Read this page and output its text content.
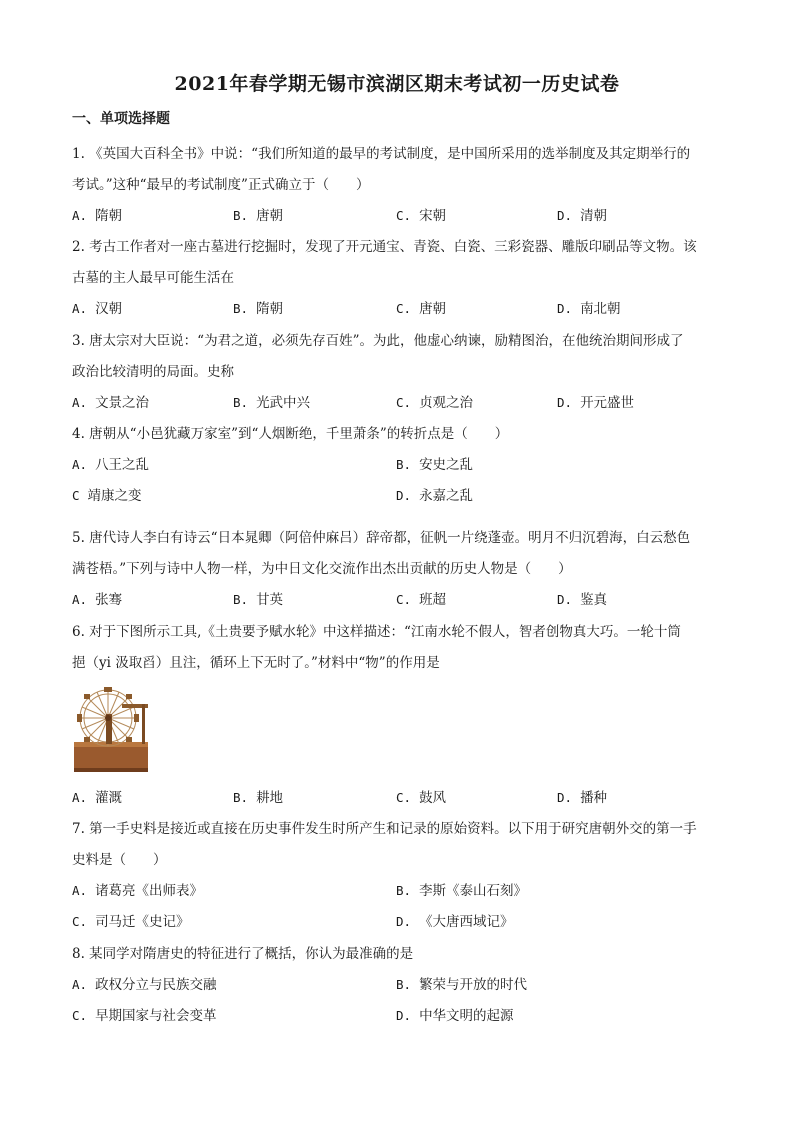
2021年春学期无锡市滨湖区期末考试初一历史试卷
一、单项选择题
1. 《英国大百科全书》中说：“我们所知道的最早的考试制度，是中国所采用的选举制度及其定期举行的
考试。”这种“最早的考试制度”正式确立于（　　）
A. 隋朝	B. 唐朝	C. 宋朝	D. 清朝
2. 考古工作者对一座古墓进行挖掘时，发现了开元通宝、青瓷、白瓷、三彩瓷器、雕版印刷品等文物。该
古墓的主人最早可能生活在
A. 汉朝	B. 隋朝	C. 唐朝	D. 南北朝
3. 唐太宗对大臣说：“为君之道，必须先存百姓”。为此，他虚心纳谏，励精图治，在他统治期间形成了
政治比较清明的局面。史称
A. 文景之治	B. 光武中兴	C. 贞观之治	D. 开元盛世
4. 唐朝从“小邑犹藏万家室”到“人烟断绝，千里萧条”的转折点是（　　）
A. 八王之乱	B. 安史之乱
C 靖康之变	D. 永嘉之乱
5. 唐代诗人李白有诗云“日本晁卿（阿倍仲麻吕）辞帝都，征帆一片绕蓬壶。明月不归沉碧海，白云愁色
满苍梧。”下列与诗中人物一样，为中日文化交流作出杰出贡献的历史人物是（　　）
A. 张骞	B. 甘英	C. 班超	D. 鉴真
6. 对于下图所示工具,《土贵要予赋水轮》中这样描述：“江南水轮不假人，智者创物真大巧。一轮十筒
挹（yi 汲取舀）且注，循环上下无时了。”材料中“物”的作用是
A. 灌溉	B. 耕地	C. 鼓风	D. 播种
7. 第一手史料是接近或直接在历史事件发生时所产生和记录的原始资料。以下用于研究唐朝外交的第一手
史料是（　　）
A. 诸葛亮《出师表》	B. 李斯《泰山石刻》
C. 司马迁《史记》	D. 《大唐西域记》
8. 某同学对隋唐史的特征进行了概括，你认为最准确的是
A. 政权分立与民族交融	B. 繁荣与开放的时代
C. 早期国家与社会变革	D. 中华文明的起源
